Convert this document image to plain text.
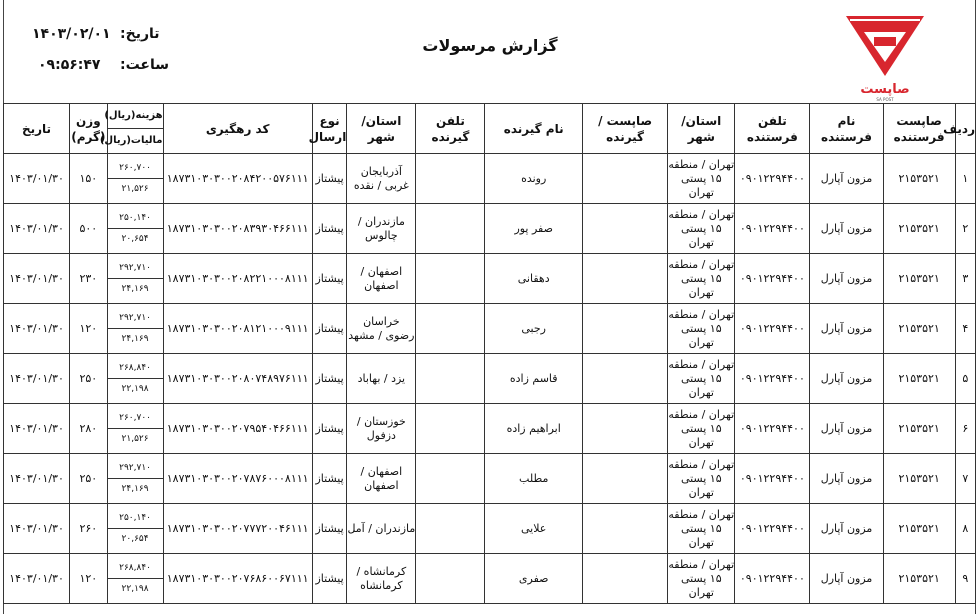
تاریخ:
۱۴۰۳/۰۲/۰۱
ساعت:
۰۹:۵۶:۴۷
گزارش مرسولات
صاپست
SA POST
ردیف	صاپست فرستنده	نام فرستنده	تلفن فرستنده	استان/ شهر	صاپست / گیرنده	نام گیرنده	تلفن گیرنده	استان/ شهر	نوع ارسال	کد رهگیری	هزینه(ریال)
مالیات(ریال)	وزن (گرم)	تاریخ
۱	۲۱۵۳۵۲۱	مزون آپارل	۰۹۰۱۲۲۹۴۴۰۰	تهران / منطقه ۱۵ پستی تهران		رونده		آذربایجان غربی / نقده	پیشتاز	۱۸۷۳۱۰۳۰۳۰۰۲۰۸۴۲۰۰۵۷۶۱۱۱	۲۶۰,۷۰۰
۲۱,۵۲۶	۱۵۰	۱۴۰۳/۰۱/۳۰
۲	۲۱۵۳۵۲۱	مزون آپارل	۰۹۰۱۲۲۹۴۴۰۰	تهران / منطقه ۱۵ پستی تهران		صفر پور		مازندران / چالوس	پیشتاز	۱۸۷۳۱۰۳۰۳۰۰۲۰۸۳۹۳۰۴۶۶۱۱۱	۲۵۰,۱۴۰
۲۰,۶۵۴	۵۰۰	۱۴۰۳/۰۱/۳۰
۳	۲۱۵۳۵۲۱	مزون آپارل	۰۹۰۱۲۲۹۴۴۰۰	تهران / منطقه ۱۵ پستی تهران		دهقانی		اصفهان / اصفهان	پیشتاز	۱۸۷۳۱۰۳۰۳۰۰۲۰۸۲۲۱۰۰۰۸۱۱۱	۲۹۲,۷۱۰
۲۴,۱۶۹	۲۳۰	۱۴۰۳/۰۱/۳۰
۴	۲۱۵۳۵۲۱	مزون آپارل	۰۹۰۱۲۲۹۴۴۰۰	تهران / منطقه ۱۵ پستی تهران		رجبی		خراسان رضوی / مشهد	پیشتاز	۱۸۷۳۱۰۳۰۳۰۰۲۰۸۱۲۱۰۰۰۹۱۱۱	۲۹۲,۷۱۰
۲۴,۱۶۹	۱۲۰	۱۴۰۳/۰۱/۳۰
۵	۲۱۵۳۵۲۱	مزون آپارل	۰۹۰۱۲۲۹۴۴۰۰	تهران / منطقه ۱۵ پستی تهران		قاسم زاده		یزد / بهاباد	پیشتاز	۱۸۷۳۱۰۳۰۳۰۰۲۰۸۰۷۴۸۹۷۶۱۱۱	۲۶۸,۸۴۰
۲۲,۱۹۸	۲۵۰	۱۴۰۳/۰۱/۳۰
۶	۲۱۵۳۵۲۱	مزون آپارل	۰۹۰۱۲۲۹۴۴۰۰	تهران / منطقه ۱۵ پستی تهران		ابراهیم زاده		خوزستان / دزفول	پیشتاز	۱۸۷۳۱۰۳۰۳۰۰۲۰۷۹۵۴۰۴۶۶۱۱۱	۲۶۰,۷۰۰
۲۱,۵۲۶	۲۸۰	۱۴۰۳/۰۱/۳۰
۷	۲۱۵۳۵۲۱	مزون آپارل	۰۹۰۱۲۲۹۴۴۰۰	تهران / منطقه ۱۵ پستی تهران		مطلب		اصفهان / اصفهان	پیشتاز	۱۸۷۳۱۰۳۰۳۰۰۲۰۷۸۷۶۰۰۰۸۱۱۱	۲۹۲,۷۱۰
۲۴,۱۶۹	۲۵۰	۱۴۰۳/۰۱/۳۰
۸	۲۱۵۳۵۲۱	مزون آپارل	۰۹۰۱۲۲۹۴۴۰۰	تهران / منطقه ۱۵ پستی تهران		علایی		مازندران / آمل	پیشتاز	۱۸۷۳۱۰۳۰۳۰۰۲۰۷۷۷۲۰۰۴۶۱۱۱	۲۵۰,۱۴۰
۲۰,۶۵۴	۲۶۰	۱۴۰۳/۰۱/۳۰
۹	۲۱۵۳۵۲۱	مزون آپارل	۰۹۰۱۲۲۹۴۴۰۰	تهران / منطقه ۱۵ پستی تهران		صفری		کرمانشاه / کرمانشاه	پیشتاز	۱۸۷۳۱۰۳۰۳۰۰۲۰۷۶۸۶۰۰۶۷۱۱۱	۲۶۸,۸۴۰
۲۲,۱۹۸	۱۲۰	۱۴۰۳/۰۱/۳۰
